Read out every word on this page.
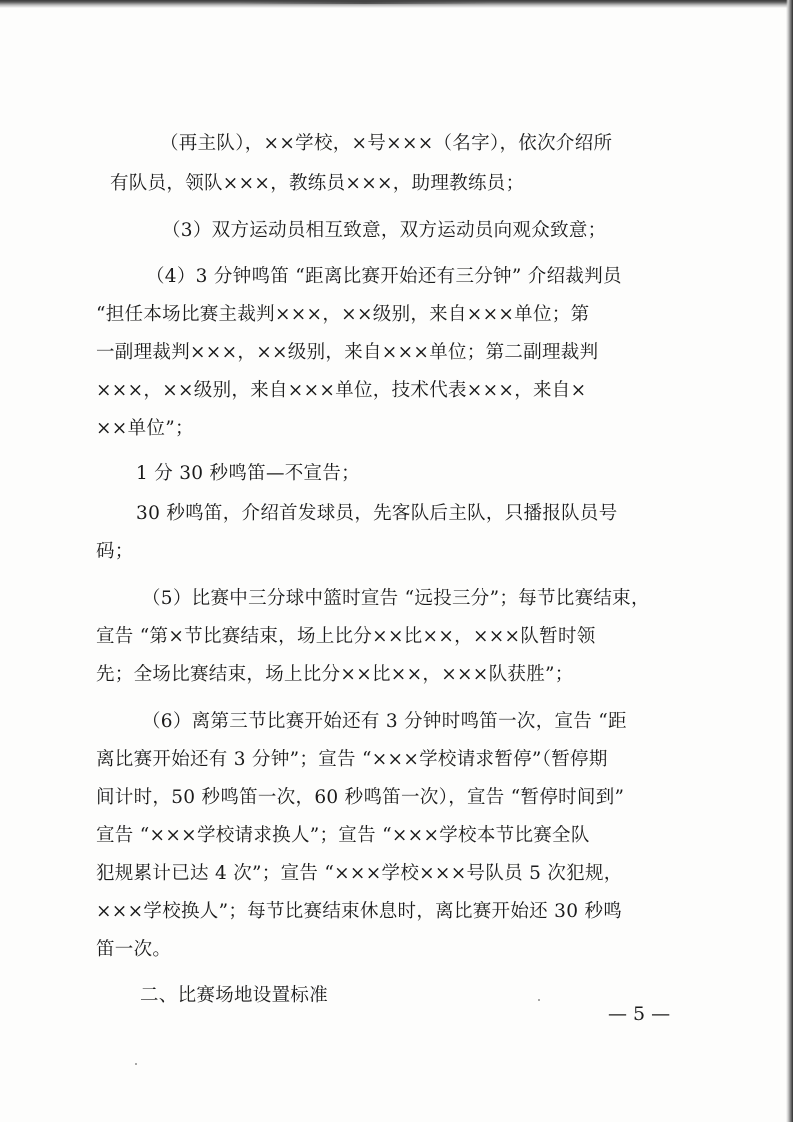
（再主队），××学校，×号×××（名字），依次介绍所
有队员，领队×××，教练员×××，助理教练员；
（3）双方运动员相互致意，双方运动员向观众致意；
（4）3 分钟鸣笛 “距离比赛开始还有三分钟” 介绍裁判员
“担任本场比赛主裁判×××，××级别，来自×××单位；第
一副理裁判×××，××级别，来自×××单位；第二副理裁判
×××，××级别，来自×××单位，技术代表×××，来自×
××单位”；
1 分 30 秒鸣笛—不宣告；
30 秒鸣笛，介绍首发球员，先客队后主队，只播报队员号
码；
（5）比赛中三分球中篮时宣告 “远投三分”；每节比赛结束，
宣告 “第×节比赛结束，场上比分××比××，×××队暂时领
先；全场比赛结束，场上比分××比××，×××队获胜”；
（6）离第三节比赛开始还有 3 分钟时鸣笛一次，宣告 “距
离比赛开始还有 3 分钟”；宣告 “×××学校请求暂停”（暂停期
间计时，50 秒鸣笛一次，60 秒鸣笛一次），宣告 “暂停时间到”
宣告 “×××学校请求换人”；宣告 “×××学校本节比赛全队
犯规累计已达 4 次”；宣告 “×××学校×××号队员 5 次犯规，
×××学校换人”；每节比赛结束休息时，离比赛开始还 30 秒鸣
笛一次。
二、比赛场地设置标准
— 5 —
